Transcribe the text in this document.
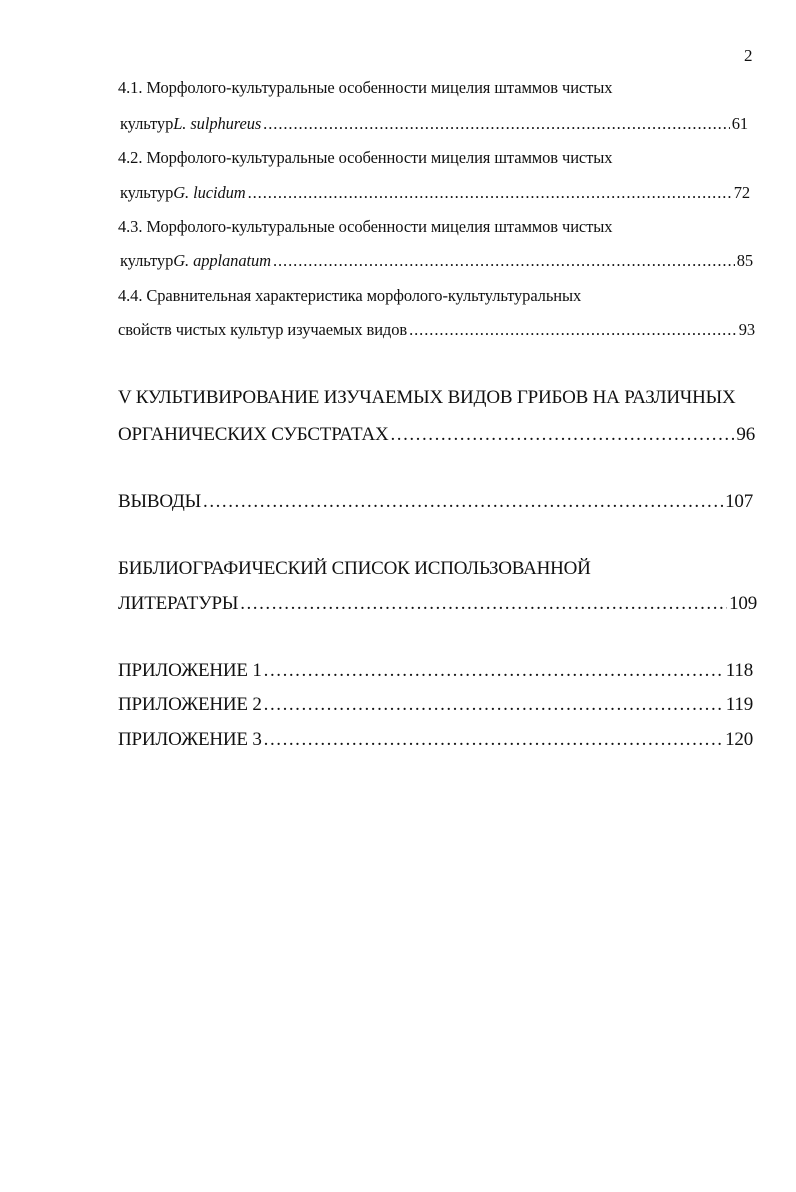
2
4.1. Морфолого-культуральные особенности мицелия штаммов чистых
культур L. sulphureus . . .	61
4.2. Морфолого-культуральные особенности мицелия штаммов чистых
культур G. lucidum . . .	72
4.3. Морфолого-культуральные особенности мицелия штаммов чистых
культур G. applanatum . . .	85
4.4. Сравнительная характеристика морфолого-культультуральных
свойств чистых культур изучаемых видов . . .	93
V КУЛЬТИВИРОВАНИЕ ИЗУЧАЕМЫХ ВИДОВ ГРИБОВ НА РАЗЛИЧНЫХ
ОРГАНИЧЕСКИХ СУБСТРАТАХ . . .	96
ВЫВОДЫ . . .	107
БИБЛИОГРАФИЧЕСКИЙ СПИСОК ИСПОЛЬЗОВАННОЙ
ЛИТЕРАТУРЫ . . .	109
ПРИЛОЖЕНИЕ 1 . . .	118
ПРИЛОЖЕНИЕ 2 . . .	119
ПРИЛОЖЕНИЕ 3 . . .	120
